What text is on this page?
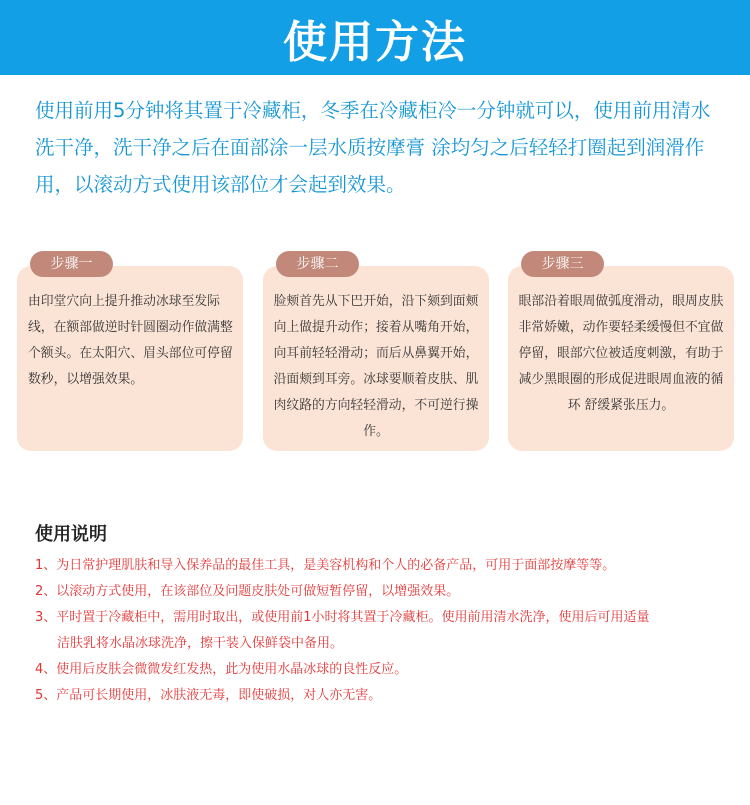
使用方法

使用前用5分钟将其置于冷藏柜，冬季在冷藏柜冷一分钟就可以，使用前用清水洗干净，洗干净之后在面部涂一层水质按摩膏 涂均匀之后轻轻打圈起到润滑作用，以滚动方式使用该部位才会起到效果。

步骤一	步骤二	步骤三

由印堂穴向上提升推动冰球至发际线，在额部做逆时针圆圈动作做满整个额头。在太阳穴、眉头部位可停留数秒，以增强效果。

脸颊首先从下巴开始，沿下颏到面颊向上做提升动作；接着从嘴角开始，向耳前轻轻滑动；而后从鼻翼开始，沿面颊到耳旁。冰球要顺着皮肤、肌肉纹路的方向轻轻滑动，不可逆行操作。

眼部沿着眼周做弧度滑动，眼周皮肤非常娇嫩，动作要轻柔缓慢但不宜做停留，眼部穴位被适度刺激，有助于减少黑眼圈的形成促进眼周血液的循环 舒缓紧张压力。

使用说明
1、为日常护理肌肤和导入保养品的最佳工具，是美容机构和个人的必备产品，可用于面部按摩等等。
2、以滚动方式使用，在该部位及问题皮肤处可做短暂停留，以增强效果。
3、平时置于冷藏柜中，需用时取出，或使用前1小时将其置于冷藏柜。使用前用清水洗净，使用后可用适量
洁肤乳将水晶冰球洗净，擦干装入保鲜袋中备用。
4、使用后皮肤会微微发红发热，此为使用水晶冰球的良性反应。
5、产品可长期使用，冰肤液无毒，即使破损，对人亦无害。
